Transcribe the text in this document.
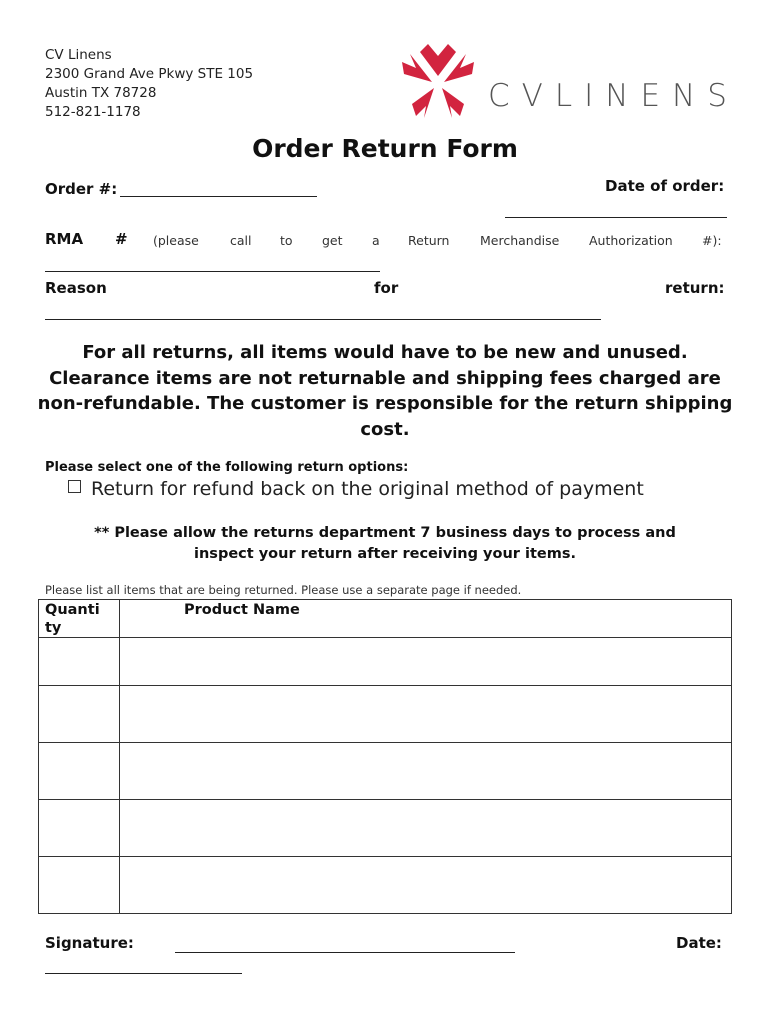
CV Linens
2300 Grand Ave Pkwy STE 105
Austin TX 78728
512-821-1178	CVLINENS
Order Return Form
Order #:	Date of order:
RMA # (please call to get a Return Merchandise Authorization #):
Reason	for	return:
For all returns, all items would have to be new and unused. Clearance items are not returnable and shipping fees charged are non-refundable. The customer is responsible for the return shipping cost.
Please select one of the following return options:
Return for refund back on the original method of payment
** Please allow the returns department 7 business days to process and
inspect your return after receiving your items.
Please list all items that are being returned. Please use a separate page if needed.
Quanti
ty	Product Name

Signature:	Date:
